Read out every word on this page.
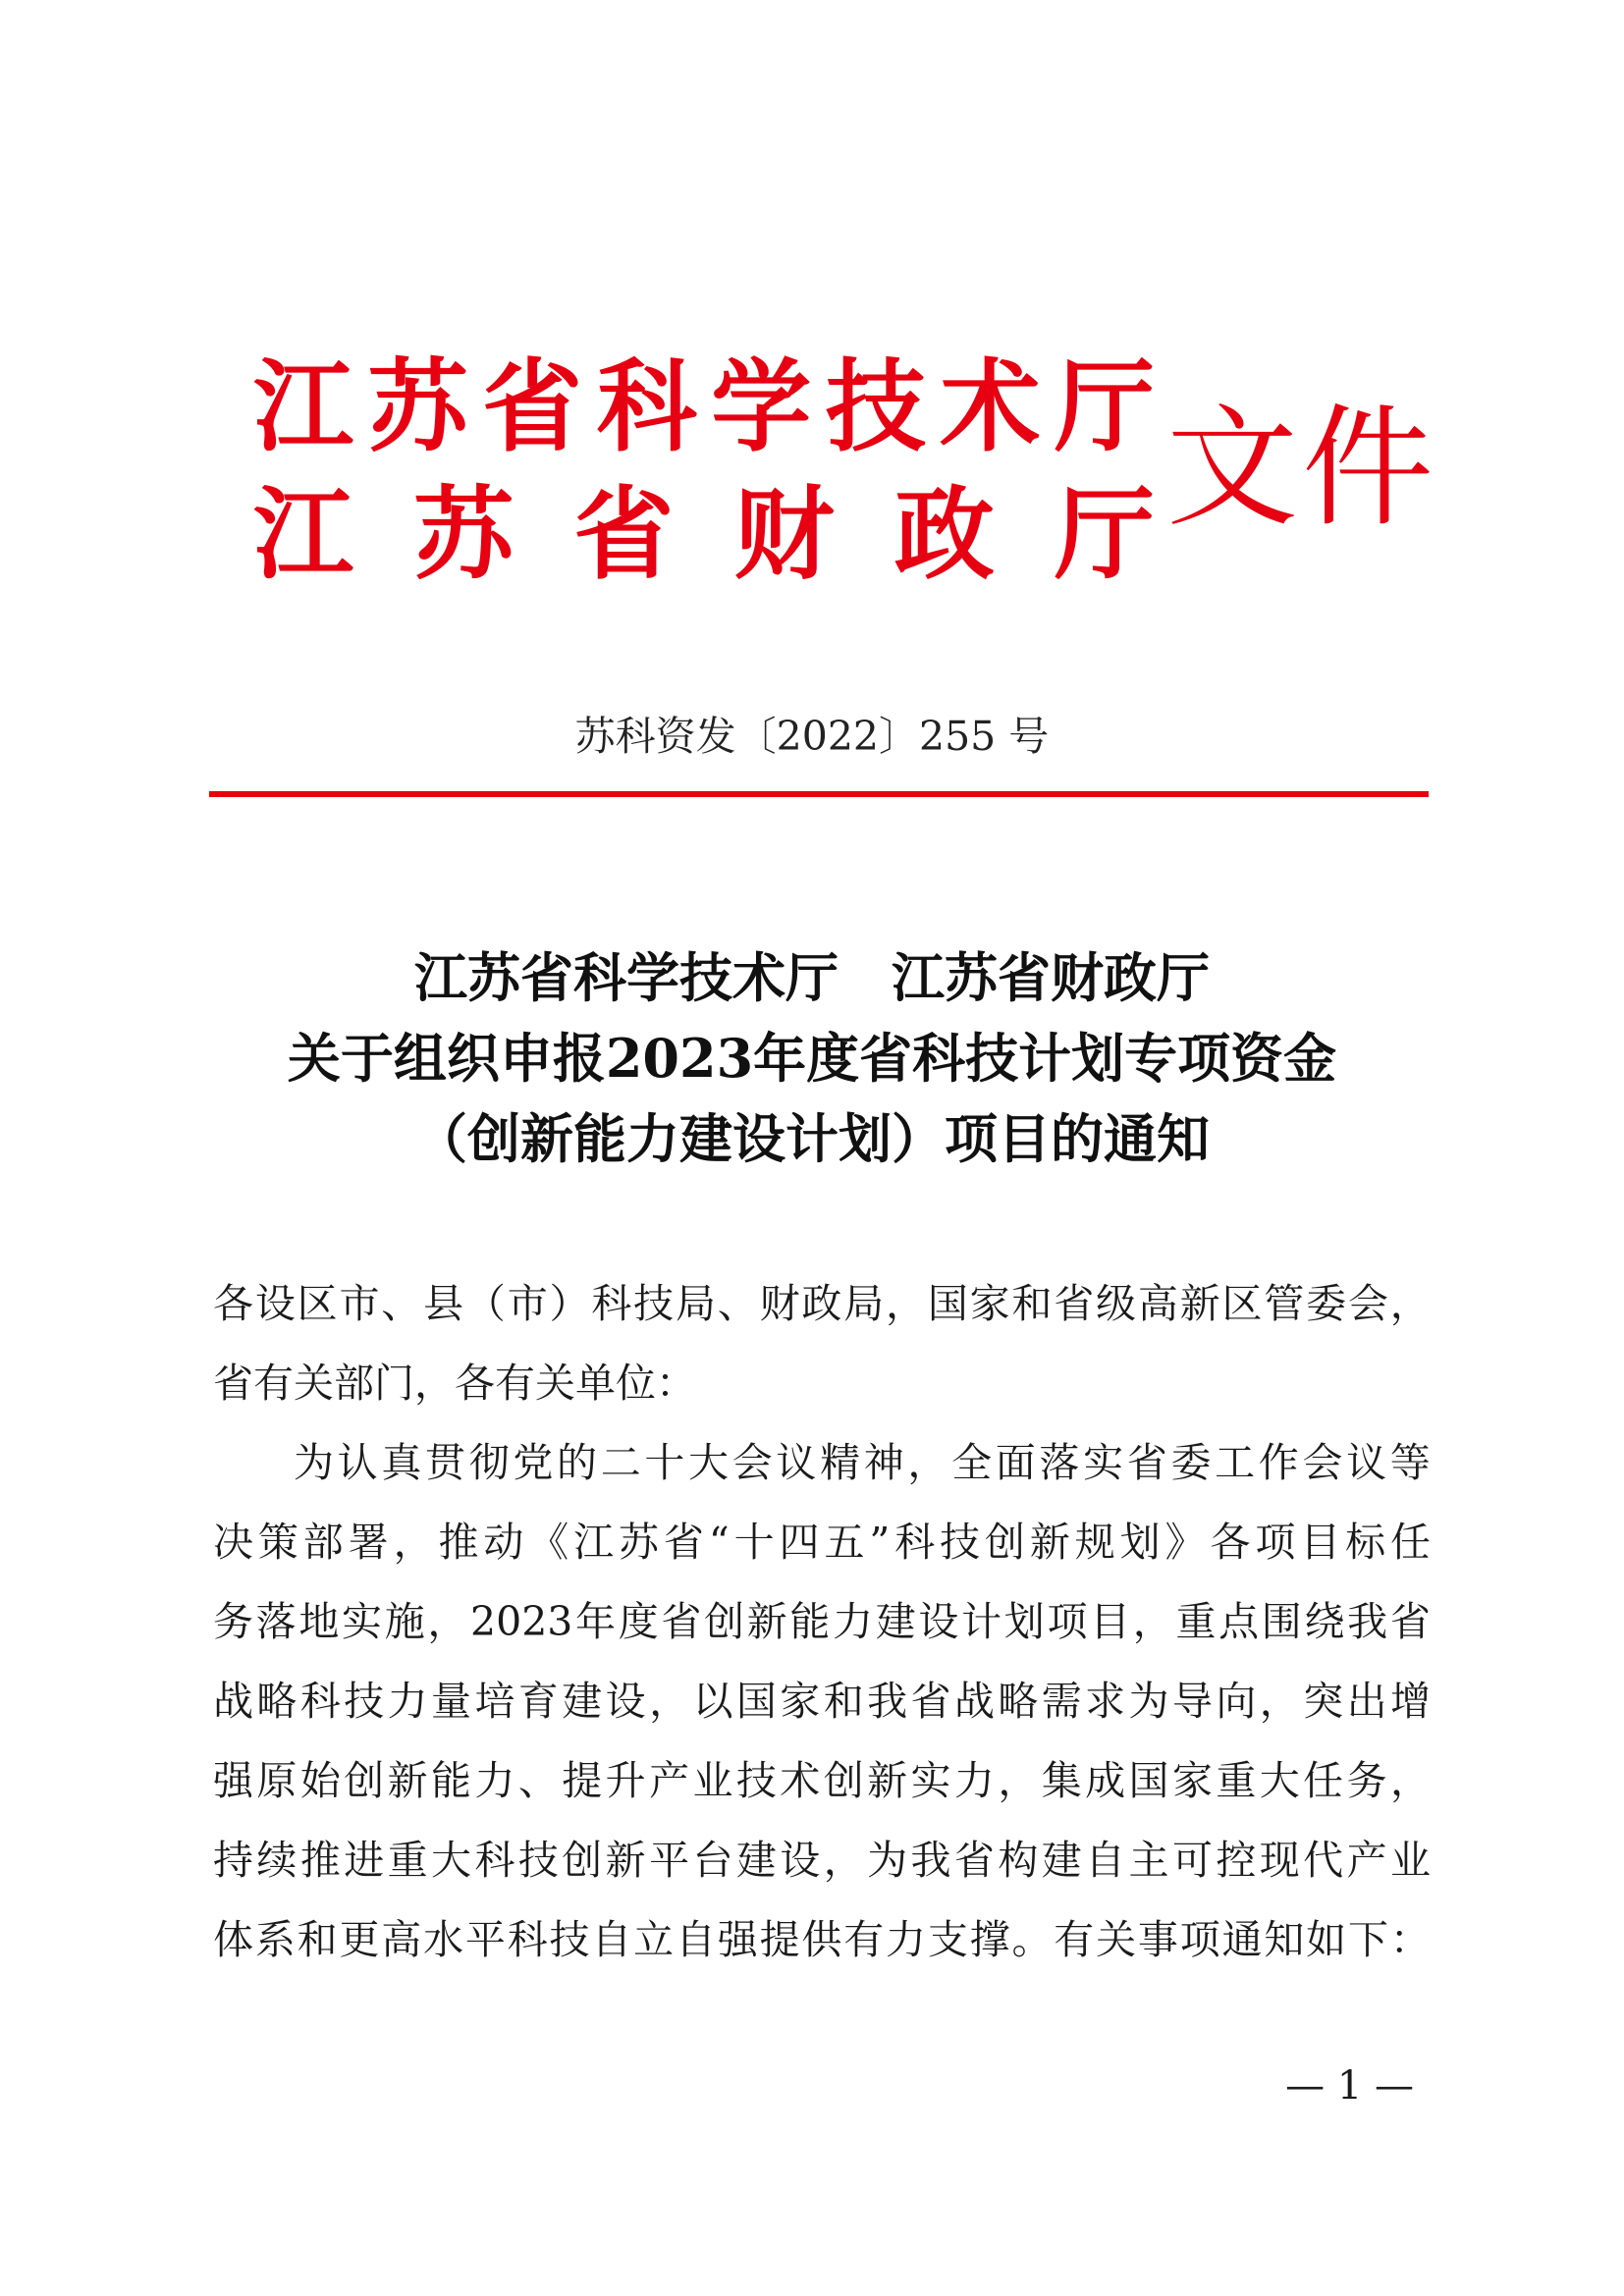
江 苏 省 科 学 技 术 厅
江 苏 省 财 政 厅 文件
苏科资发〔2022〕255 号
江苏省科学技术厅　江苏省财政厅
关于组织申报2023年度省科技计划专项资金
（创新能力建设计划）项目的通知
各 设 区 市 、 县 （ 市 ） 科 技 局 、 财 政 局 ， 国 家 和 省 级 高 新 区 管 委 会 ，
省 有 关 部 门 ， 各 有 关 单 位 ：
为 认 真 贯 彻 党 的 二 十 大 会 议 精 神 ， 全 面 落 实 省 委 工 作 会 议 等
决 策 部 署 ， 推 动 《 江 苏 省 “ 十 四 五 ” 科 技 创 新 规 划 》 各 项 目 标 任
务 落 地 实 施 ， 2023 年 度 省 创 新 能 力 建 设 计 划 项 目 ， 重 点 围 绕 我 省
战 略 科 技 力 量 培 育 建 设 ， 以 国 家 和 我 省 战 略 需 求 为 导 向 ， 突 出 增
强 原 始 创 新 能 力 、 提 升 产 业 技 术 创 新 实 力 ， 集 成 国 家 重 大 任 务 ，
持 续 推 进 重 大 科 技 创 新 平 台 建 设 ， 为 我 省 构 建 自 主 可 控 现 代 产 业
体 系 和 更 高 水 平 科 技 自 立 自 强 提 供 有 力 支 撑 。 有 关 事 项 通 知 如 下 ：
— 1 —
